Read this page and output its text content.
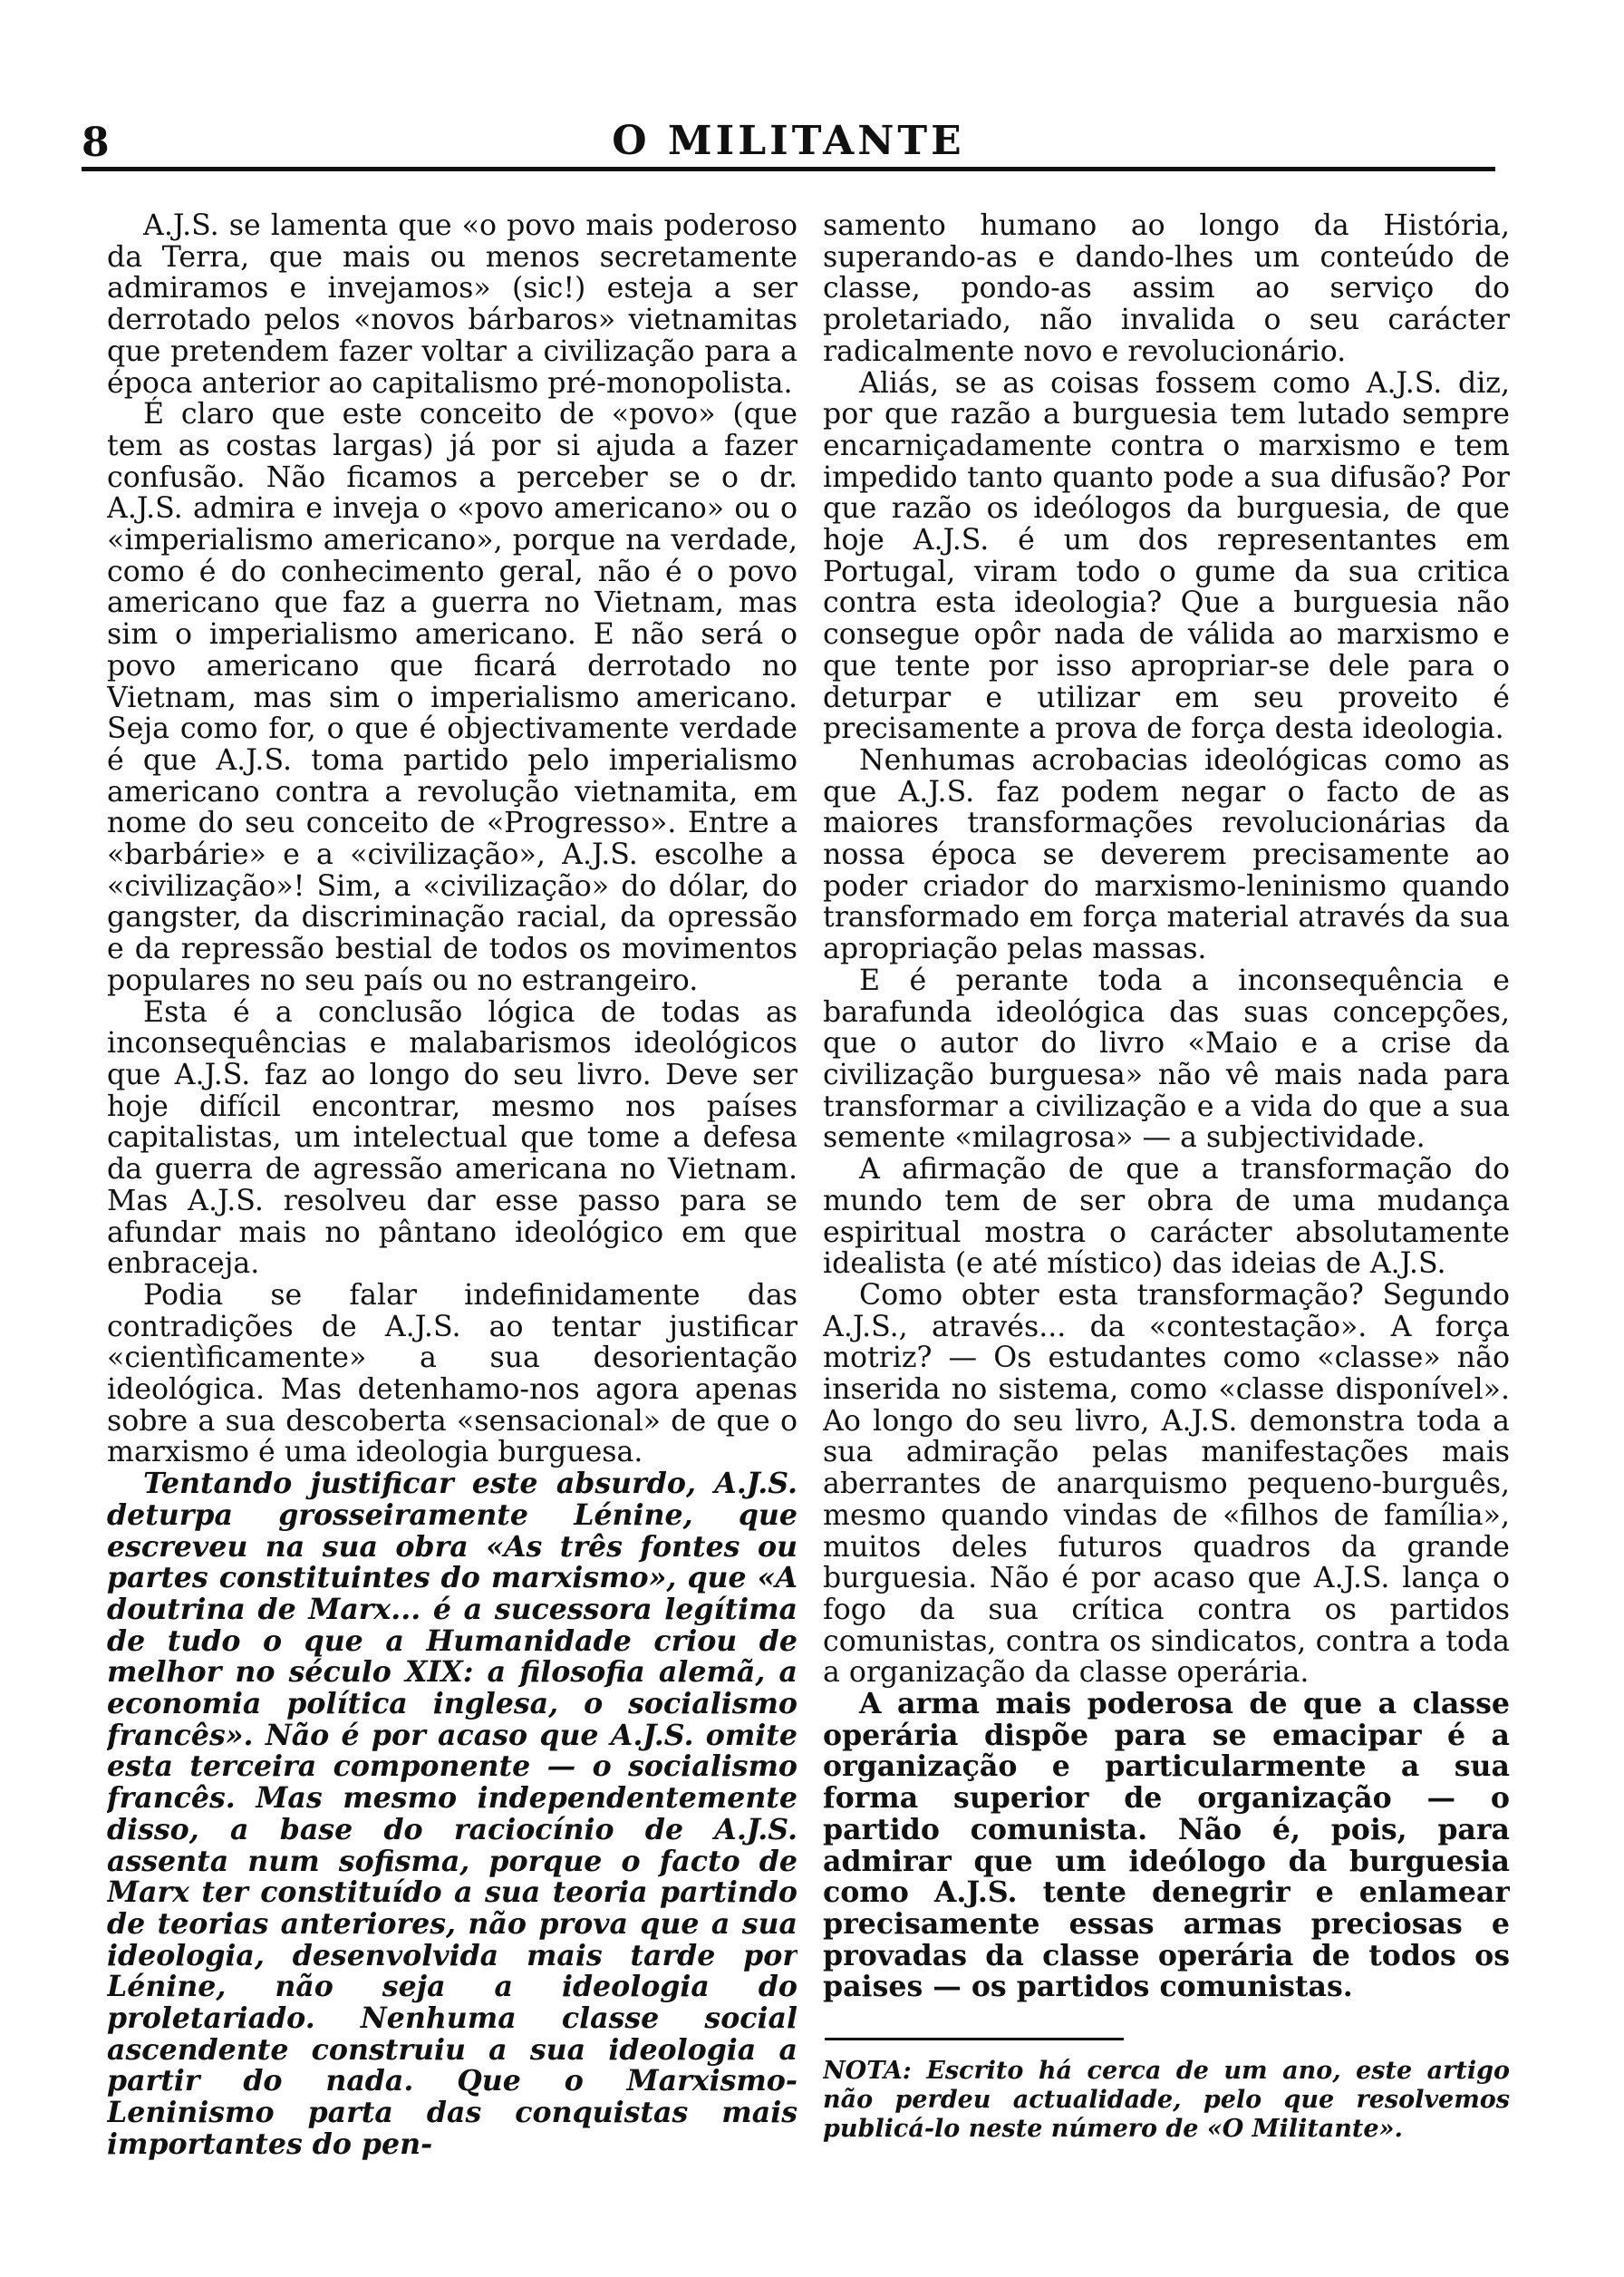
8	O MILITANTE

A.J.S. se lamenta que «o povo mais poderoso da Terra, que mais ou menos secretamente admiramos e invejamos» (sic!) esteja a ser derrotado pelos «novos bárbaros» vietnamitas que pretendem fazer voltar a civilização para a época anterior ao capitalismo pré-monopolista.

É claro que este conceito de «povo» (que tem as costas largas) já por si ajuda a fazer confusão. Não ficamos a perceber se o dr. A.J.S. admira e inveja o «povo americano» ou o «imperialismo americano», porque na verdade, como é do conhecimento geral, não é o povo americano que faz a guerra no Vietnam, mas sim o imperialismo americano. E não será o povo americano que ficará derrotado no Vietnam, mas sim o imperialismo americano. Seja como for, o que é objectivamente verdade é que A.J.S. toma partido pelo imperialismo americano contra a revolução vietnamita, em nome do seu conceito de «Progresso». Entre a «barbárie» e a «civilização», A.J.S. escolhe a «civilização»! Sim, a «civilização» do dólar, do gangster, da discriminação racial, da opressão e da repressão bestial de todos os movimentos populares no seu país ou no estrangeiro.

Esta é a conclusão lógica de todas as inconsequências e malabarismos ideológicos que A.J.S. faz ao longo do seu livro. Deve ser hoje difícil encontrar, mesmo nos países capitalistas, um intelectual que tome a defesa da guerra de agressão americana no Vietnam. Mas A.J.S. resolveu dar esse passo para se afundar mais no pântano ideológico em que enbraceja.

Podia se falar indefinidamente das contradições de A.J.S. ao tentar justificar «cientìficamente» a sua desorientação ideológica. Mas detenhamo-nos agora apenas sobre a sua descoberta «sensacional» de que o marxismo é uma ideologia burguesa.

Tentando justificar este absurdo, A.J.S. deturpa grosseiramente Lénine, que escreveu na sua obra «As três fontes ou partes constituintes do marxismo», que «A doutrina de Marx... é a sucessora legítima de tudo o que a Humanidade criou de melhor no século XIX: a filosofia alemã, a economia política inglesa, o socialismo francês». Não é por acaso que A.J.S. omite esta terceira componente — o socialismo francês. Mas mesmo independentemente disso, a base do raciocínio de A.J.S. assenta num sofisma, porque o facto de Marx ter constituído a sua teoria partindo de teorias anteriores, não prova que a sua ideologia, desenvolvida mais tarde por Lénine, não seja a ideologia do proletariado. Nenhuma classe social ascendente construiu a sua ideologia a partir do nada. Que o Marxismo-Leninismo parta das conquistas mais importantes do pen-

samento humano ao longo da História, superando-as e dando-lhes um conteúdo de classe, pondo-as assim ao serviço do proletariado, não invalida o seu carácter radicalmente novo e revolucionário.

Aliás, se as coisas fossem como A.J.S. diz, por que razão a burguesia tem lutado sempre encarniçadamente contra o marxismo e tem impedido tanto quanto pode a sua difusão? Por que razão os ideólogos da burguesia, de que hoje A.J.S. é um dos representantes em Portugal, viram todo o gume da sua critica contra esta ideologia? Que a burguesia não consegue opôr nada de válida ao marxismo e que tente por isso apropriar-se dele para o deturpar e utilizar em seu proveito é precisamente a prova de força desta ideologia.

Nenhumas acrobacias ideológicas como as que A.J.S. faz podem negar o facto de as maiores transformações revolucionárias da nossa época se deverem precisamente ao poder criador do marxismo-leninismo quando transformado em força material através da sua apropriação pelas massas.

E é perante toda a inconsequência e barafunda ideológica das suas concepções, que o autor do livro «Maio e a crise da civilização burguesa» não vê mais nada para transformar a civilização e a vida do que a sua semente «milagrosa» — a subjectividade.

A afirmação de que a transformação do mundo tem de ser obra de uma mudança espiritual mostra o carácter absolutamente idealista (e até místico) das ideias de A.J.S.

Como obter esta transformação? Segundo A.J.S., através... da «contestação». A força motriz? — Os estudantes como «classe» não inserida no sistema, como «classe disponível». Ao longo do seu livro, A.J.S. demonstra toda a sua admiração pelas manifestações mais aberrantes de anarquismo pequeno-burguês, mesmo quando vindas de «filhos de família», muitos deles futuros quadros da grande burguesia. Não é por acaso que A.J.S. lança o fogo da sua crítica contra os partidos comunistas, contra os sindicatos, contra a toda a organização da classe operária.

A arma mais poderosa de que a classe operária dispõe para se emacipar é a organização e particularmente a sua forma superior de organização — o partido comunista. Não é, pois, para admirar que um ideólogo da burguesia como A.J.S. tente denegrir e enlamear precisamente essas armas preciosas e provadas da classe operária de todos os paises — os partidos comunistas.

NOTA: Escrito há cerca de um ano, este artigo não perdeu actualidade, pelo que resolvemos publicá-lo neste número de «O Militante».
